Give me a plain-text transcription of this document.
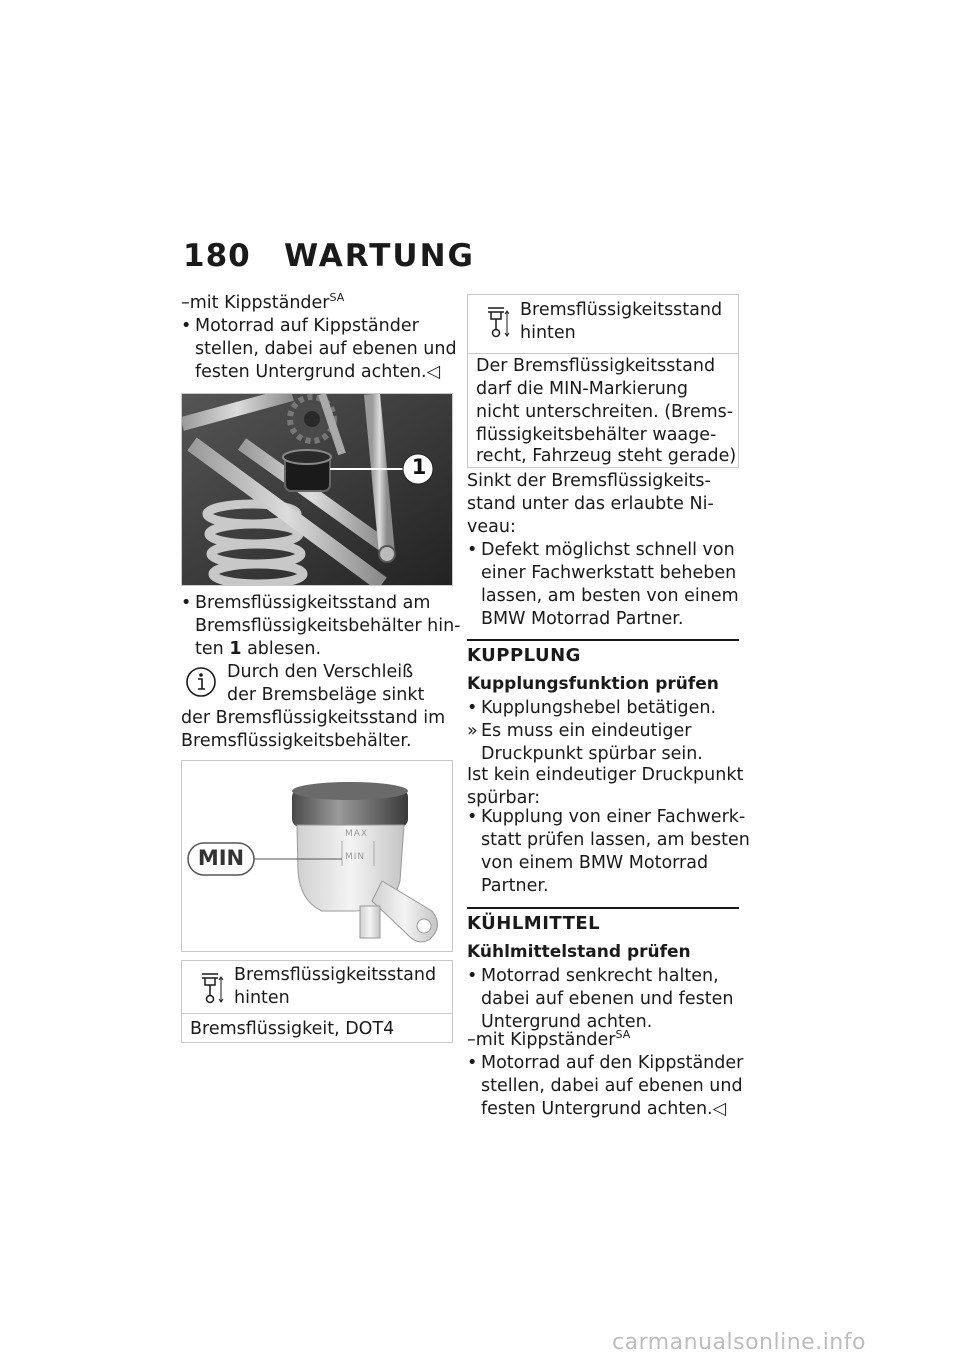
180 WARTUNG
–mit Kippständer$^{SA}$
• Motorrad auf Kippständer
stellen, dabei auf ebenen und
festen Untergrund achten.◁
1
• Bremsflüssigkeitsstand am
Bremsflüssigkeitsbehälter hin-
ten 1 ablesen.
Durch den Verschleiß
der Bremsbeläge sinkt
der Bremsflüssigkeitsstand im
Bremsflüssigkeitsbehälter.
MAX
MIN
MIN
Bremsflüssigkeitsstand
hinten
Bremsflüssigkeit, DOT4
Bremsflüssigkeitsstand
hinten
Der Bremsflüssigkeitsstand
darf die MIN-Markierung
nicht unterschreiten. (Brems-
flüssigkeitsbehälter waage-
recht, Fahrzeug steht gerade)
Sinkt der Bremsflüssigkeits-
stand unter das erlaubte Ni-
veau:
• Defekt möglichst schnell von
einer Fachwerkstatt beheben
lassen, am besten von einem
BMW Motorrad Partner.
KUPPLUNG
Kupplungsfunktion prüfen
• Kupplungshebel betätigen.
» Es muss ein eindeutiger
Druckpunkt spürbar sein.
Ist kein eindeutiger Druckpunkt
spürbar:
• Kupplung von einer Fachwerk-
statt prüfen lassen, am besten
von einem BMW Motorrad
Partner.
KÜHLMITTEL
Kühlmittelstand prüfen
• Motorrad senkrecht halten,
dabei auf ebenen und festen
Untergrund achten.
–mit Kippständer$^{SA}$
• Motorrad auf den Kippständer
stellen, dabei auf ebenen und
festen Untergrund achten.◁
carmanualsonline.info
